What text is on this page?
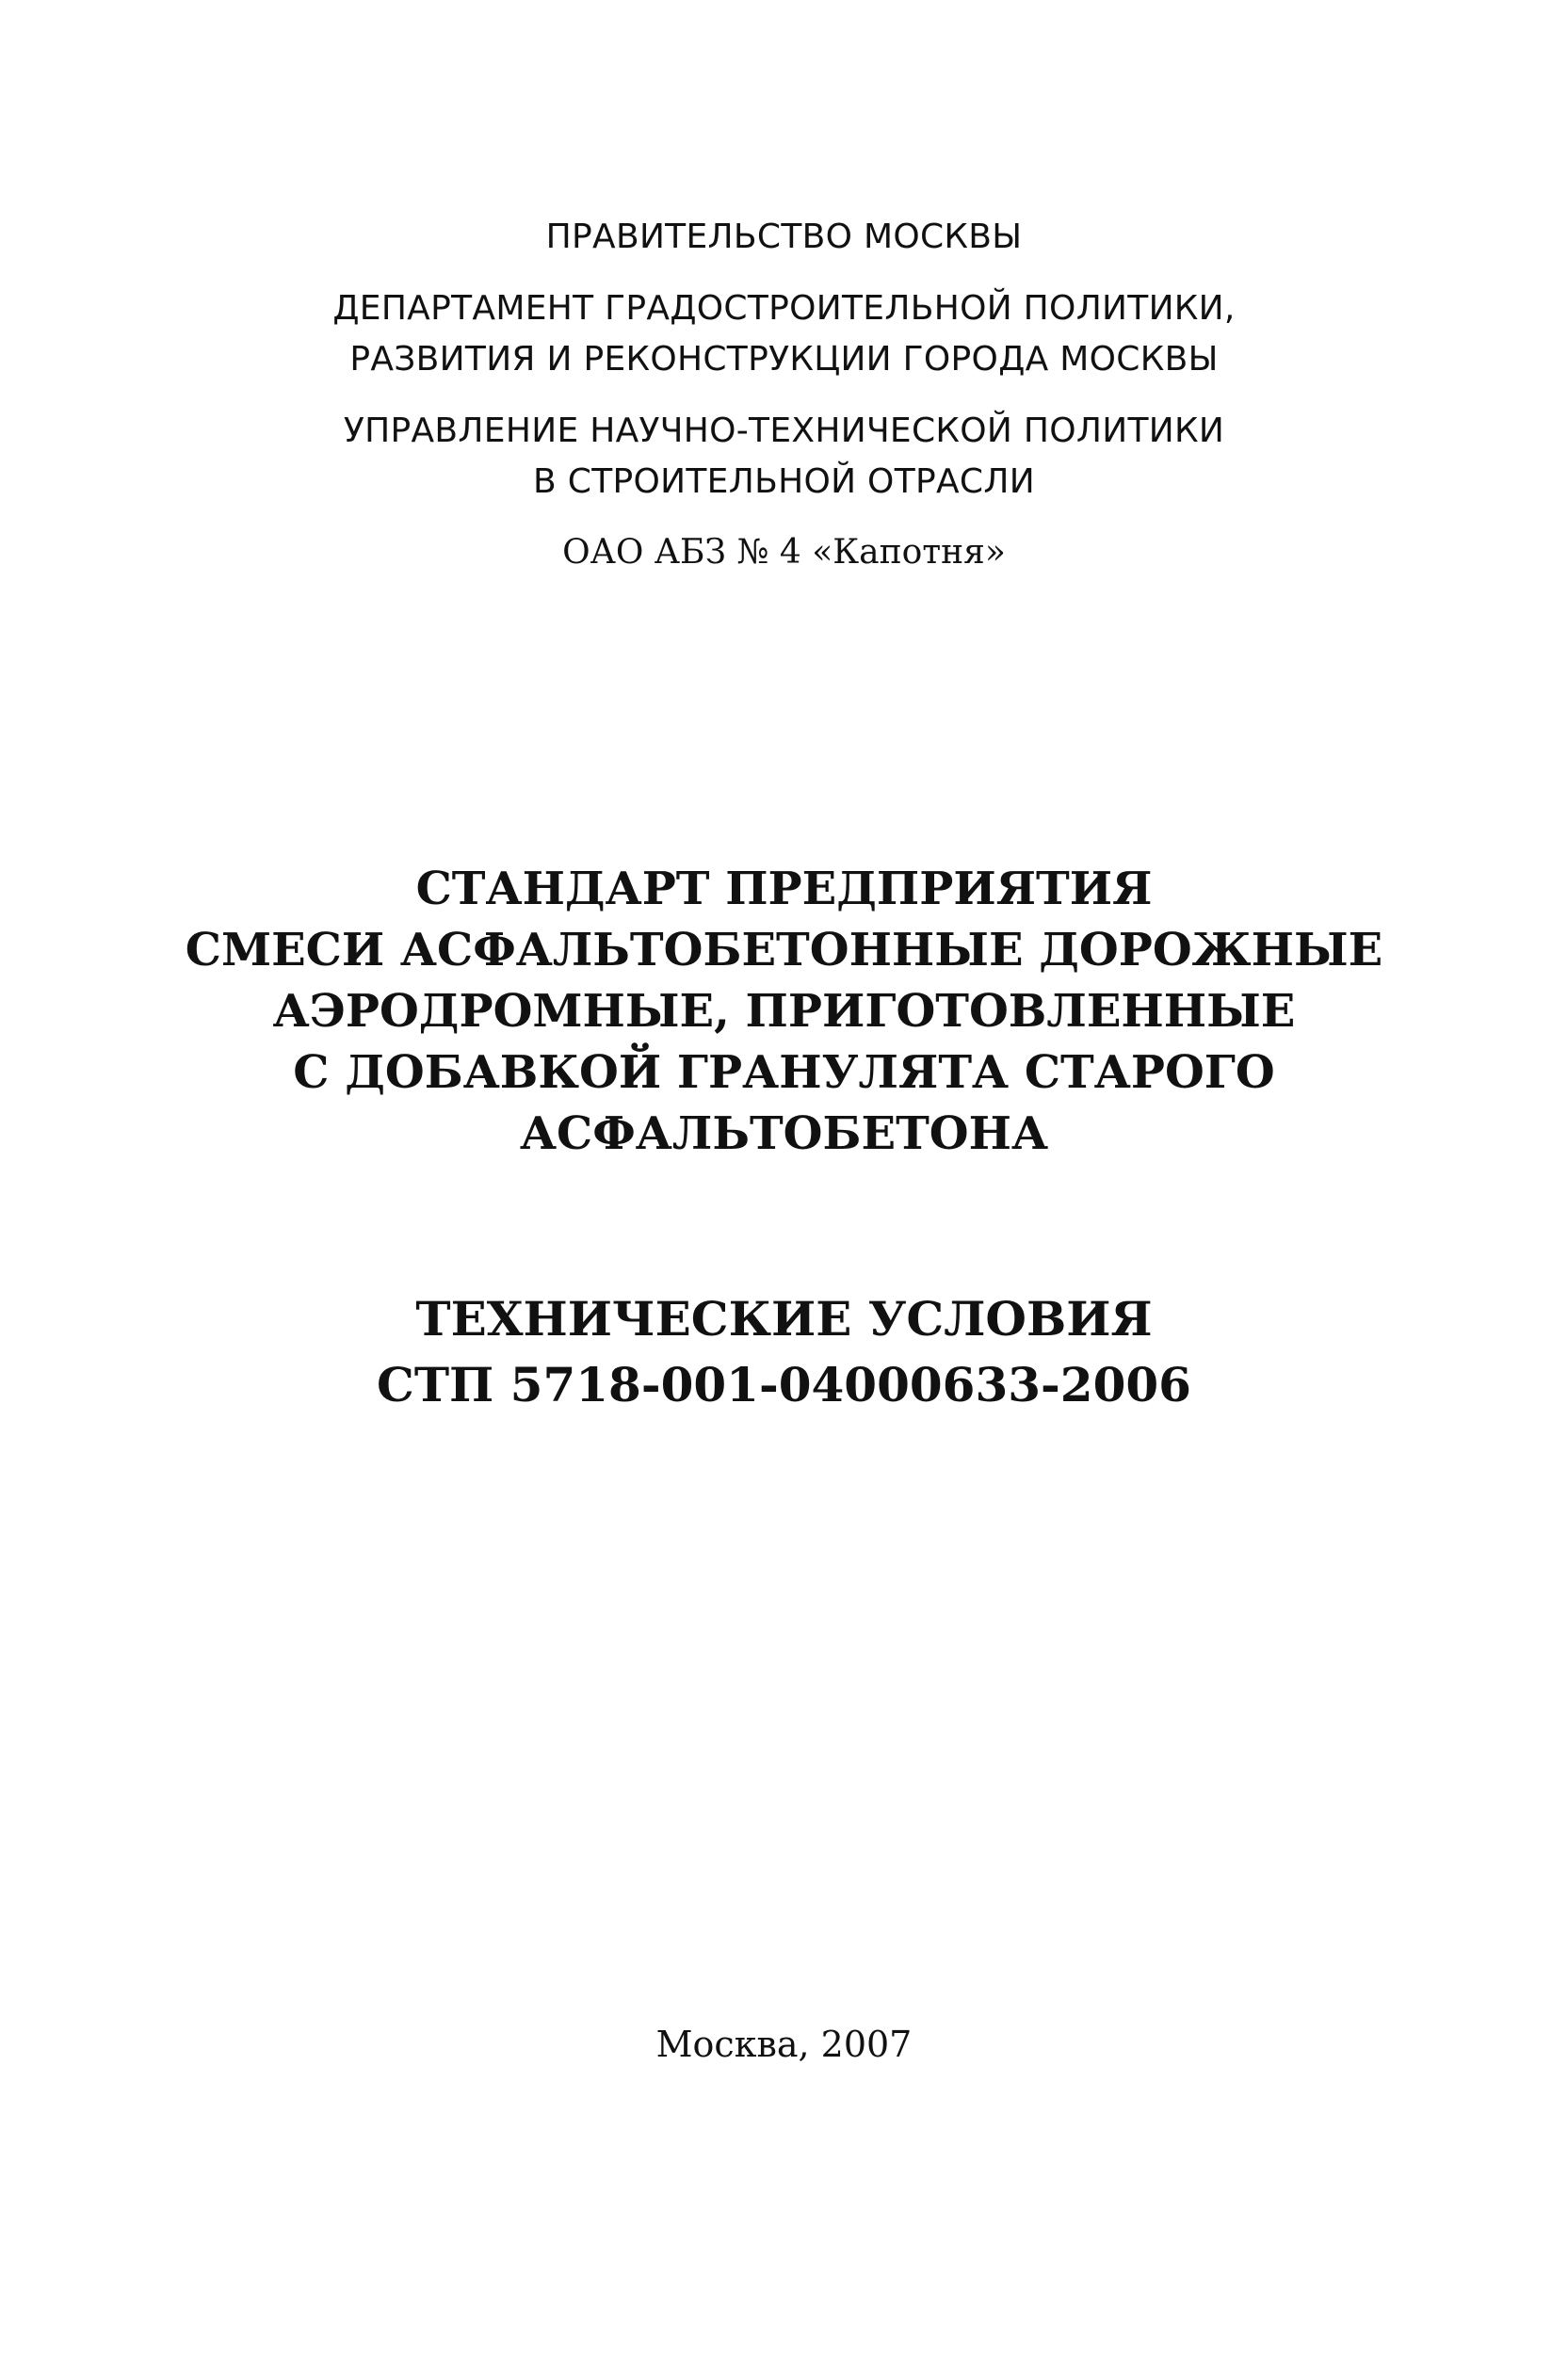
ПРАВИТЕЛЬСТВО МОСКВЫ
ДЕПАРТАМЕНТ ГРАДОСТРОИТЕЛЬНОЙ ПОЛИТИКИ,
РАЗВИТИЯ И РЕКОНСТРУКЦИИ ГОРОДА МОСКВЫ
УПРАВЛЕНИЕ НАУЧНО-ТЕХНИЧЕСКОЙ ПОЛИТИКИ
В СТРОИТЕЛЬНОЙ ОТРАСЛИ
ОАО АБЗ № 4 «Капотня»
СТАНДАРТ ПРЕДПРИЯТИЯ
СМЕСИ АСФАЛЬТОБЕТОННЫЕ ДОРОЖНЫЕ
АЭРОДРОМНЫЕ, ПРИГОТОВЛЕННЫЕ
С ДОБАВКОЙ ГРАНУЛЯТА СТАРОГО
АСФАЛЬТОБЕТОНА
ТЕХНИЧЕСКИЕ УСЛОВИЯ
СТП 5718-001-04000633-2006
Москва, 2007
